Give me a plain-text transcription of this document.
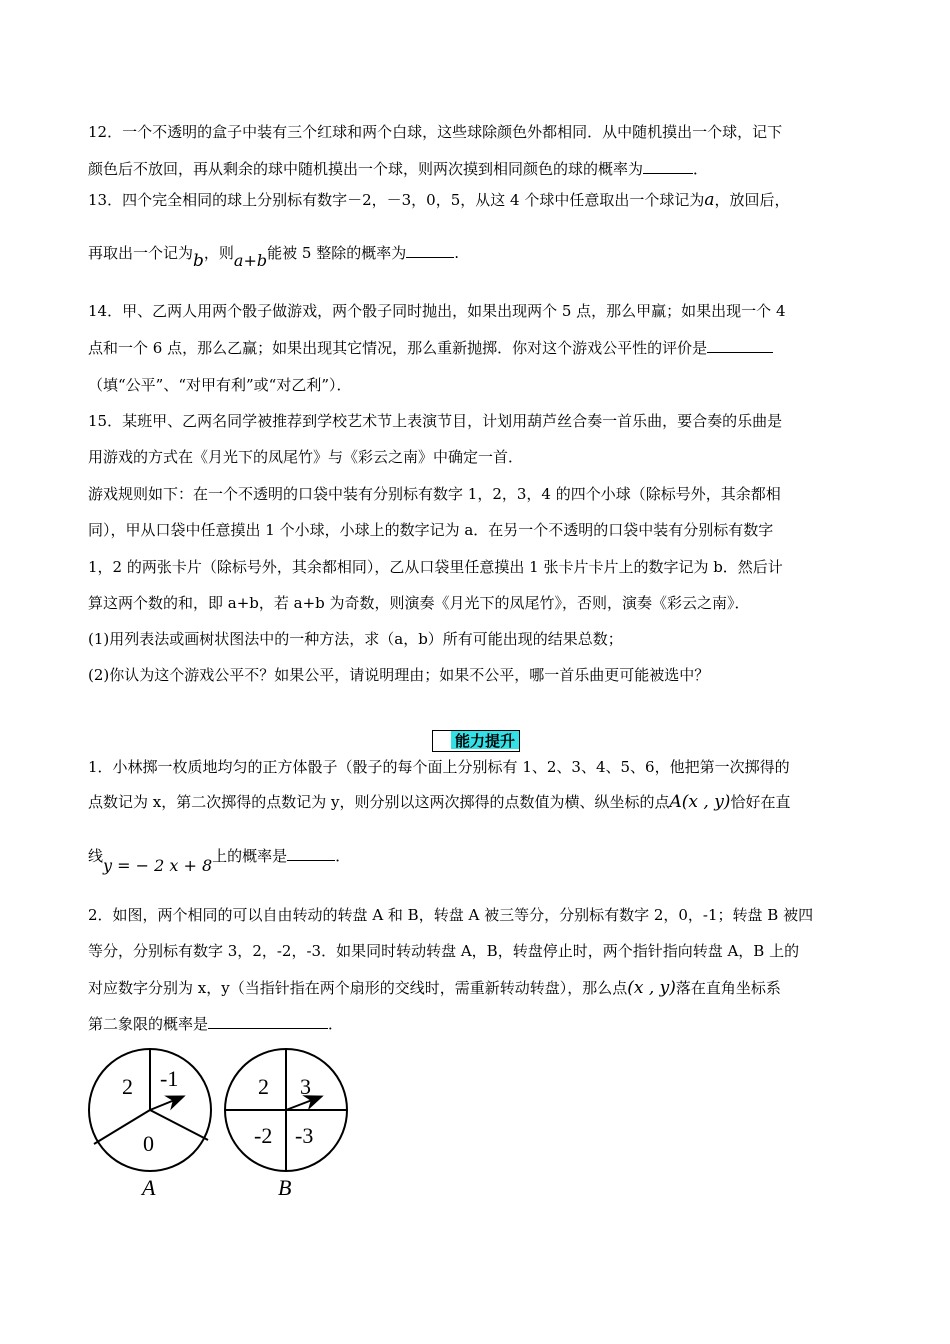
12．一个不透明的盒子中装有三个红球和两个白球，这些球除颜色外都相同．从中随机摸出一个球，记下
颜色后不放回，再从剩余的球中随机摸出一个球，则两次摸到相同颜色的球的概率为	．
13．四个完全相同的球上分别标有数字－2，－3，0，5，从这 4 个球中任意取出一个球记为a，放回后，
再取出一个记为b，则a+b能被 5 整除的概率为	.
14．甲、乙两人用两个骰子做游戏，两个骰子同时抛出，如果出现两个 5 点，那么甲赢；如果出现一个 4
点和一个 6 点，那么乙赢；如果出现其它情况，那么重新抛掷．你对这个游戏公平性的评价是
（填“公平”、“对甲有利”或“对乙利”）．
15．某班甲、乙两名同学被推荐到学校艺术节上表演节目，计划用葫芦丝合奏一首乐曲，要合奏的乐曲是
用游戏的方式在《月光下的凤尾竹》与《彩云之南》中确定一首．
游戏规则如下：在一个不透明的口袋中装有分别标有数字 1，2，3，4 的四个小球（除标号外，其余都相
同），甲从口袋中任意摸出 1 个小球，小球上的数字记为 a．在另一个不透明的口袋中装有分别标有数字
1，2 的两张卡片（除标号外，其余都相同），乙从口袋里任意摸出 1 张卡片卡片上的数字记为 b．然后计
算这两个数的和，即 a+b，若 a+b 为奇数，则演奏《月光下的凤尾竹》，否则，演奏《彩云之南》．
(1)用列表法或画树状图法中的一种方法，求（a，b）所有可能出现的结果总数；
(2)你认为这个游戏公平不？如果公平，请说明理由；如果不公平，哪一首乐曲更可能被选中？
能力提升
1．小林掷一枚质地均匀的正方体骰子（骰子的每个面上分别标有 1、2、3、4、5、6，他把第一次掷得的
点数记为 x，第二次掷得的点数记为 y，则分别以这两次掷得的点数值为横、纵坐标的点A(x , y)恰好在直
线y = − 2 x + 8上的概率是	．
2．如图，两个相同的可以自由转动的转盘 A 和 B，转盘 A 被三等分，分别标有数字 2，0，-1；转盘 B 被四
等分，分别标有数字 3，2，-2，-3．如果同时转动转盘 A，B，转盘停止时，两个指针指向转盘 A，B 上的
对应数字分别为 x，y（当指针指在两个扇形的交线时，需重新转动转盘），那么点(x , y)落在直角坐标系
第二象限的概率是	．
2 -1
0
A
2 3
-2 -3
B
